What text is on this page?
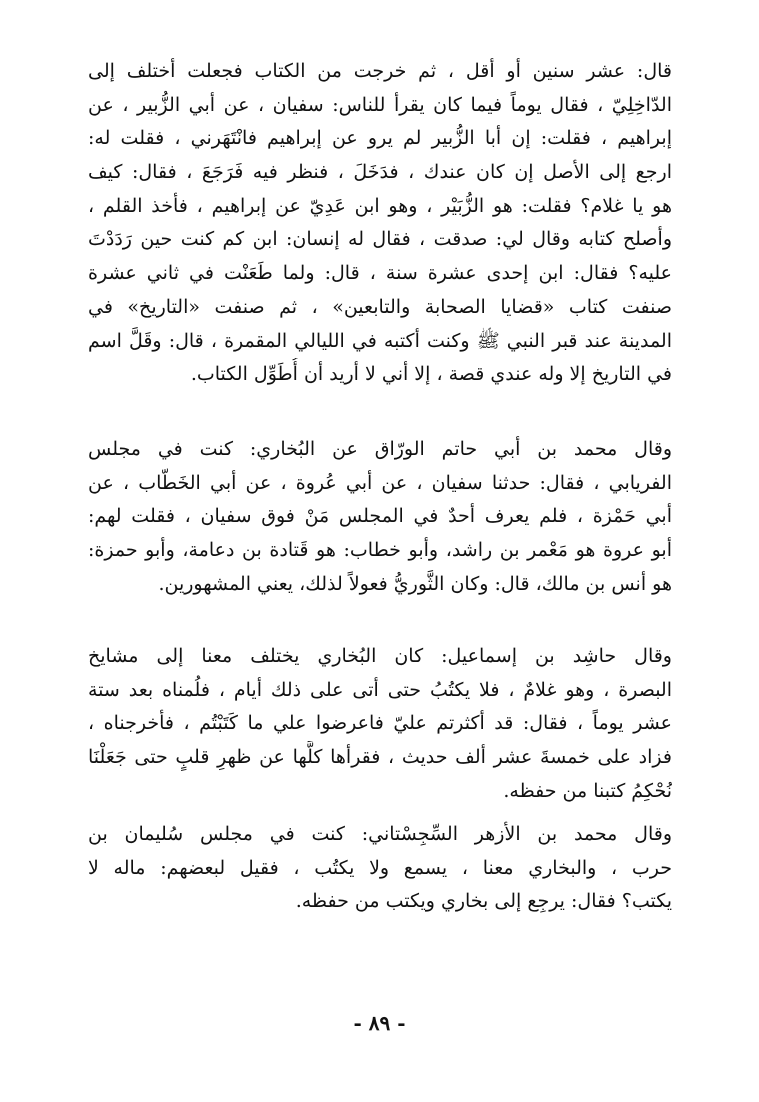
قال: عشر سنين أو أقل ، ثم خرجت من الكتاب فجعلت أختلف إلى
الدّاخِلِيّ ، فقال يوماً فيما كان يقرأ للناس: سفيان ، عن أبي الزُّبير ، عن
إبراهيم ، فقلت: إن أبا الزُّبير لم يرو عن إبراهيم فانْتَهَرني ، فقلت له:
ارجع إلى الأصل إن كان عندك ، فدَخَلَ ، فنظر فيه فَرَجَعَ ، فقال: كيف
هو يا غلام؟ فقلت: هو الزُّبَيْر ، وهو ابن عَدِيّ عن إبراهيم ، فأخذ القلم ،
وأصلح كتابه وقال لي: صدقت ، فقال له إنسان: ابن كم كنت حين رَدَدْتَ
عليه؟ فقال: ابن إحدى عشرة سنة ، قال: ولما طَعَنْت في ثاني عشرة
صنفت كتاب «قضايا الصحابة والتابعين» ، ثم صنفت «التاريخ» في
المدينة عند قبر النبي ﷺ وكنت أكتبه في الليالي المقمرة ، قال: وقَلَّ اسم
في التاريخ إلا وله عندي قصة ، إلا أني لا أريد أن أُطَوِّل الكتاب.
وقال محمد بن أبي حاتم الورّاق عن البُخاري: كنت في مجلس
الفريابي ، فقال: حدثنا سفيان ، عن أبي عُروة ، عن أبي الخَطّاب ، عن
أبي حَمْزة ، فلم يعرف أحدٌ في المجلس مَنْ فوق سفيان ، فقلت لهم:
أبو عروة هو مَعْمر بن راشد، وأبو خطاب: هو قَتادة بن دعامة، وأبو حمزة:
هو أنس بن مالك، قال: وكان الثَّوريُّ فعولاً لذلك، يعني المشهورين.
وقال حاشِد بن إسماعيل: كان البُخاري يختلف معنا إلى مشايخ
البصرة ، وهو غلامٌ ، فلا يكتُبُ حتى أتى على ذلك أيام ، فلُمناه بعد ستة
عشر يوماً ، فقال: قد أكثرتم عليّ فاعرضوا علي ما كَتَبْتُم ، فأخرجناه ،
فزاد على خمسةَ عشر ألف حديث ، فقرأها كلَّها عن ظهرِ قلبٍ حتى جَعَلْنَا
نُحْكِمُ كتبنا من حفظه.
وقال محمد بن الأزهر السِّجِسْتاني: كنت في مجلس سُليمان بن
حرب ، والبخاري معنا ، يسمع ولا يكتُب ، فقيل لبعضهم: ماله لا
يكتب؟ فقال: يرجِع إلى بخاري ويكتب من حفظه.
- ٨٩ -
